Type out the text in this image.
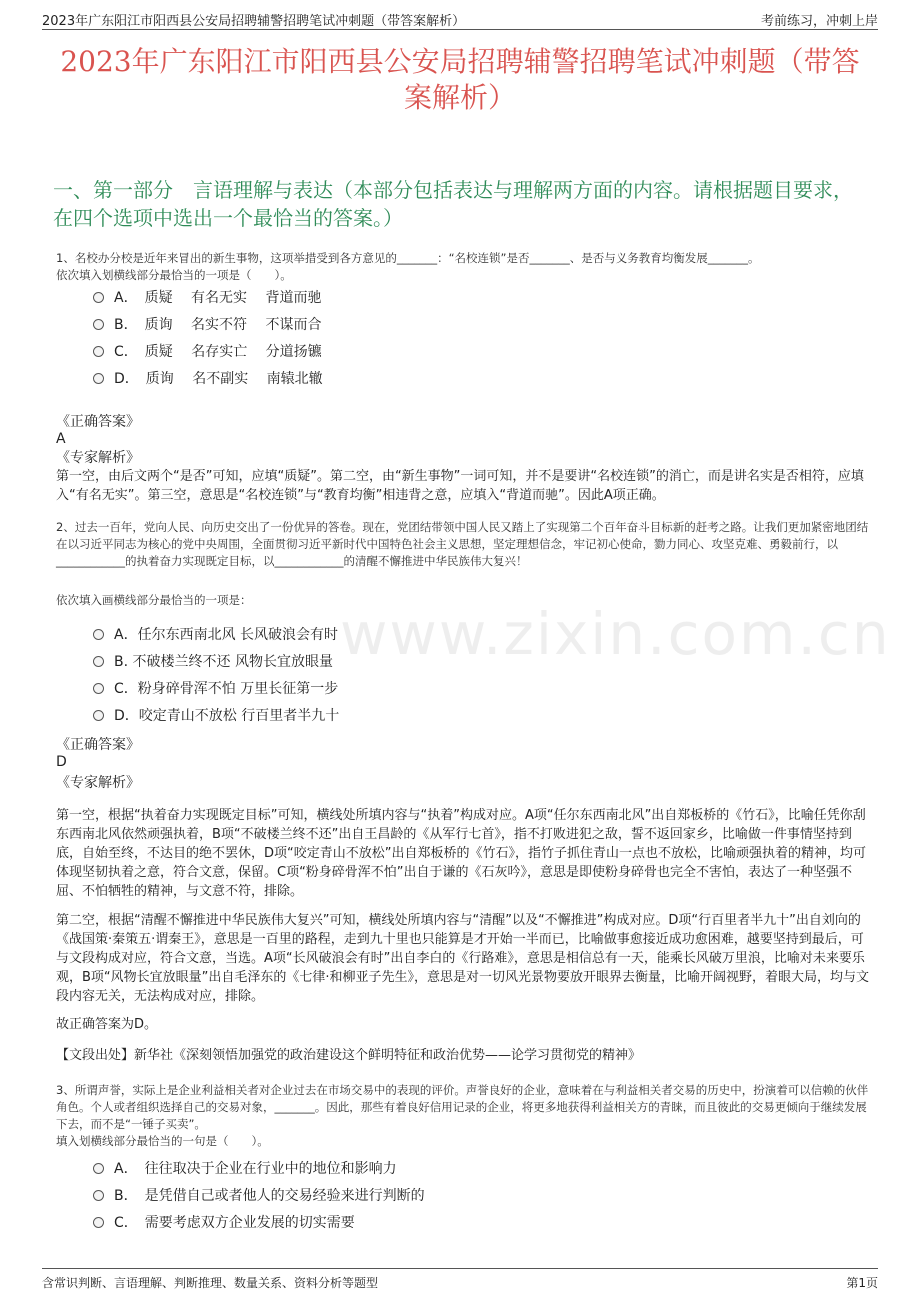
2023年广东阳江市阳西县公安局招聘辅警招聘笔试冲刺题（带答案解析）	考前练习，冲刺上岸
www.zixin.com.cn
2023年广东阳江市阳西县公安局招聘辅警招聘笔试冲刺题（带答案解析）
一、第一部分　言语理解与表达（本部分包括表达与理解两方面的内容。请根据题目要求，在四个选项中选出一个最恰当的答案。）

1、名校办分校是近年来冒出的新生事物，这项举措受到各方意见的_______：“名校连锁”是否_______、是否与义务教育均衡发展_______。

依次填入划横线部分最恰当的一项是（　　）。

A．　质疑　 有名无实　 背道而驰
B．　质询　 名实不符　 不谋而合
C．　质疑　 名存实亡　 分道扬镳
D．　质询　 名不副实　 南辕北辙
《正确答案》
A
《专家解析》
第一空，由后文两个“是否”可知，应填“质疑”。第二空，由“新生事物”一词可知，并不是要讲“名校连锁”的消亡，而是讲名实是否相符，应填入“有名无实”。第三空，意思是“名校连锁”与“教育均衡”相违背之意，应填入“背道而驰”。因此A项正确。

2、过去一百年，党向人民、向历史交出了一份优异的答卷。现在，党团结带领中国人民又踏上了实现第二个百年奋斗目标新的赶考之路。让我们更加紧密地团结在以习近平同志为核心的党中央周围，全面贯彻习近平新时代中国特色社会主义思想，坚定理想信念，牢记初心使命，勠力同心、攻坚克难、勇毅前行，以____________的执着奋力实现既定目标，以____________的清醒不懈推进中华民族伟大复兴！

依次填入画横线部分最恰当的一项是：

A．任尔东西南北风 长风破浪会有时
B. 不破楼兰终不还 风物长宜放眼量
C．粉身碎骨浑不怕 万里长征第一步
D．咬定青山不放松 行百里者半九十
《正确答案》
D
《专家解析》
第一空，根据“执着奋力实现既定目标”可知，横线处所填内容与“执着”构成对应。A项“任尔东西南北风”出自郑板桥的《竹石》，比喻任凭你刮东西南北风依然顽强执着，B项“不破楼兰终不还”出自王昌龄的《从军行七首》，指不打败进犯之敌，誓不返回家乡，比喻做一件事情坚持到底，自始至终，不达目的绝不罢休，D项“咬定青山不放松”出自郑板桥的《竹石》，指竹子抓住青山一点也不放松，比喻顽强执着的精神，均可体现坚韧执着之意，符合文意，保留。C项“粉身碎骨浑不怕”出自于谦的《石灰吟》，意思是即使粉身碎骨也完全不害怕，表达了一种坚强不屈、不怕牺牲的精神，与文意不符，排除。
第二空，根据“清醒不懈推进中华民族伟大复兴”可知，横线处所填内容与“清醒”以及“不懈推进”构成对应。D项“行百里者半九十”出自刘向的《战国策·秦策五·谓秦王》，意思是一百里的路程，走到九十里也只能算是才开始一半而已，比喻做事愈接近成功愈困难，越要坚持到最后，可与文段构成对应，符合文意，当选。A项“长风破浪会有时”出自李白的《行路难》，意思是相信总有一天，能乘长风破万里浪，比喻对未来要乐观，B项“风物长宜放眼量”出自毛泽东的《七律·和柳亚子先生》，意思是对一切风光景物要放开眼界去衡量，比喻开阔视野，着眼大局，均与文段内容无关，无法构成对应，排除。
故正确答案为D。
【文段出处】新华社《深刻领悟加强党的政治建设这个鲜明特征和政治优势——论学习贯彻党的精神》

3、所谓声誉，实际上是企业利益相关者对企业过去在市场交易中的表现的评价。声誉良好的企业，意味着在与利益相关者交易的历史中，扮演着可以信赖的伙伴角色。个人或者组织选择自己的交易对象，_______。因此，那些有着良好信用记录的企业，将更多地获得利益相关方的青睐，而且彼此的交易更倾向于继续发展下去，而不是“一锤子买卖”。

填入划横线部分最恰当的一句是（　　）。

A．　往往取决于企业在行业中的地位和影响力
B．　是凭借自己或者他人的交易经验来进行判断的
C．　需要考虑双方企业发展的切实需要
含常识判断、言语理解、判断推理、数量关系、资料分析等题型	第1页
